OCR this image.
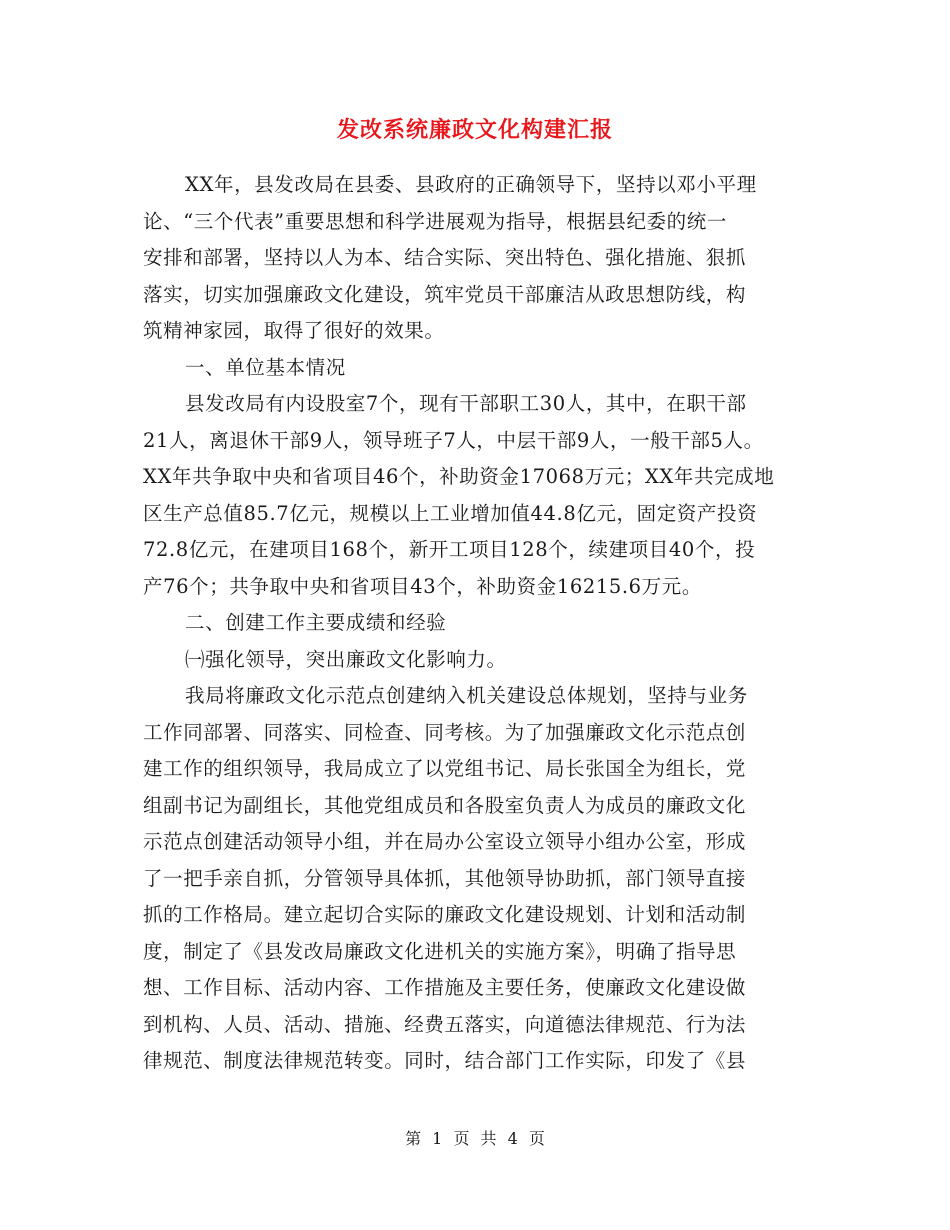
发改系统廉政文化构建汇报
XX年，县发改局在县委、县政府的正确领导下，坚持以邓小平理
论、“三个代表”重要思想和科学进展观为指导，根据县纪委的统一
安排和部署，坚持以人为本、结合实际、突出特色、强化措施、狠抓
落实，切实加强廉政文化建设，筑牢党员干部廉洁从政思想防线，构
筑精神家园，取得了很好的效果。
一、单位基本情况
县发改局有内设股室7个，现有干部职工30人，其中，在职干部
21人，离退休干部9人，领导班子7人，中层干部9人，一般干部5人。
XX年共争取中央和省项目46个，补助资金17068万元；XX年共完成地
区生产总值85.7亿元，规模以上工业增加值44.8亿元，固定资产投资
72.8亿元，在建项目168个，新开工项目128个，续建项目40个，投
产76个；共争取中央和省项目43个，补助资金16215.6万元。
二、创建工作主要成绩和经验
㈠强化领导，突出廉政文化影响力。
我局将廉政文化示范点创建纳入机关建设总体规划，坚持与业务
工作同部署、同落实、同检查、同考核。为了加强廉政文化示范点创
建工作的组织领导，我局成立了以党组书记、局长张国全为组长，党
组副书记为副组长，其他党组成员和各股室负责人为成员的廉政文化
示范点创建活动领导小组，并在局办公室设立领导小组办公室，形成
了一把手亲自抓，分管领导具体抓，其他领导协助抓，部门领导直接
抓的工作格局。建立起切合实际的廉政文化建设规划、计划和活动制
度，制定了《县发改局廉政文化进机关的实施方案》，明确了指导思
想、工作目标、活动内容、工作措施及主要任务，使廉政文化建设做
到机构、人员、活动、措施、经费五落实，向道德法律规范、行为法
律规范、制度法律规范转变。同时，结合部门工作实际，印发了《县
第 1 页 共 4 页
